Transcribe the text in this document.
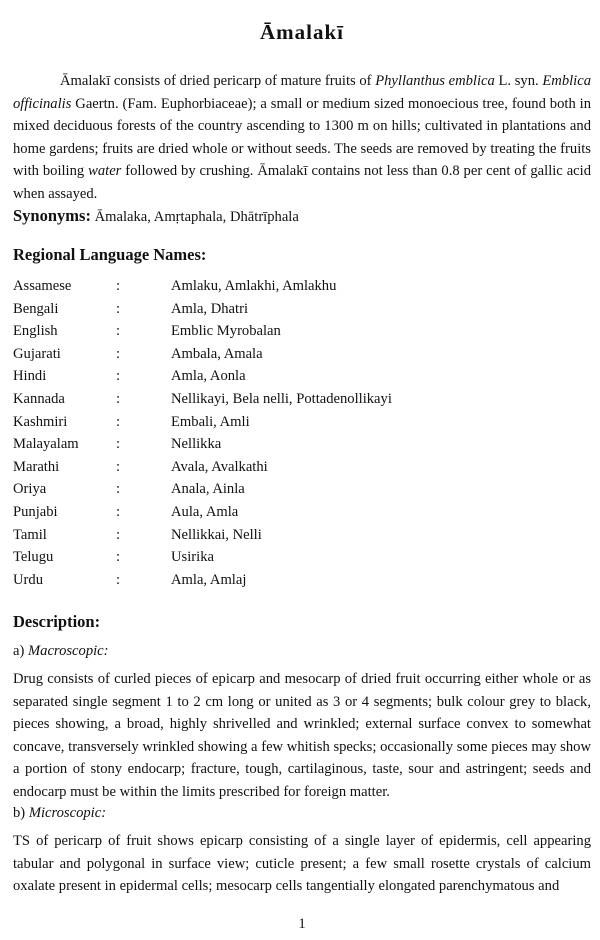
Āmalakī

Āmalakī consists of dried pericarp of mature fruits of Phyllanthus emblica L. syn. Emblica officinalis Gaertn. (Fam. Euphorbiaceae); a small or medium sized monoecious tree, found both in mixed deciduous forests of the country ascending to 1300 m on hills; cultivated in plantations and home gardens; fruits are dried whole or without seeds. The seeds are removed by treating the fruits with boiling water followed by crushing. Āmalakī contains not less than 0.8 per cent of gallic acid when assayed.

Synonyms: Āmalaka, Amṛtaphala, Dhātrīphala
Regional Language Names:
Assamese	:	Amlaku, Amlakhi, Amlakhu
Bengali	:	Amla, Dhatri
English	:	Emblic Myrobalan
Gujarati	:	Ambala, Amala
Hindi	:	Amla, Aonla
Kannada	:	Nellikayi, Bela nelli, Pottadenollikayi
Kashmiri	:	Embali, Amli
Malayalam	:	Nellikka
Marathi	:	Avala, Avalkathi
Oriya	:	Anala, Ainla
Punjabi	:	Aula, Amla
Tamil	:	Nellikkai, Nelli
Telugu	:	Usirika
Urdu	:	Amla, Amlaj
Description:
a) Macroscopic:

Drug consists of curled pieces of epicarp and mesocarp of dried fruit occurring either whole or as separated single segment 1 to 2 cm long or united as 3 or 4 segments; bulk colour grey to black, pieces showing, a broad, highly shrivelled and wrinkled; external surface convex to somewhat concave, transversely wrinkled showing a few whitish specks; occasionally some pieces may show a portion of stony endocarp; fracture, tough, cartilaginous, taste, sour and astringent; seeds and endocarp must be within the limits prescribed for foreign matter.

b) Microscopic:

TS of pericarp of fruit shows epicarp consisting of a single layer of epidermis, cell appearing tabular and polygonal in surface view; cuticle present; a few small rosette crystals of calcium oxalate present in epidermal cells; mesocarp cells tangentially elongated parenchymatous and

1
